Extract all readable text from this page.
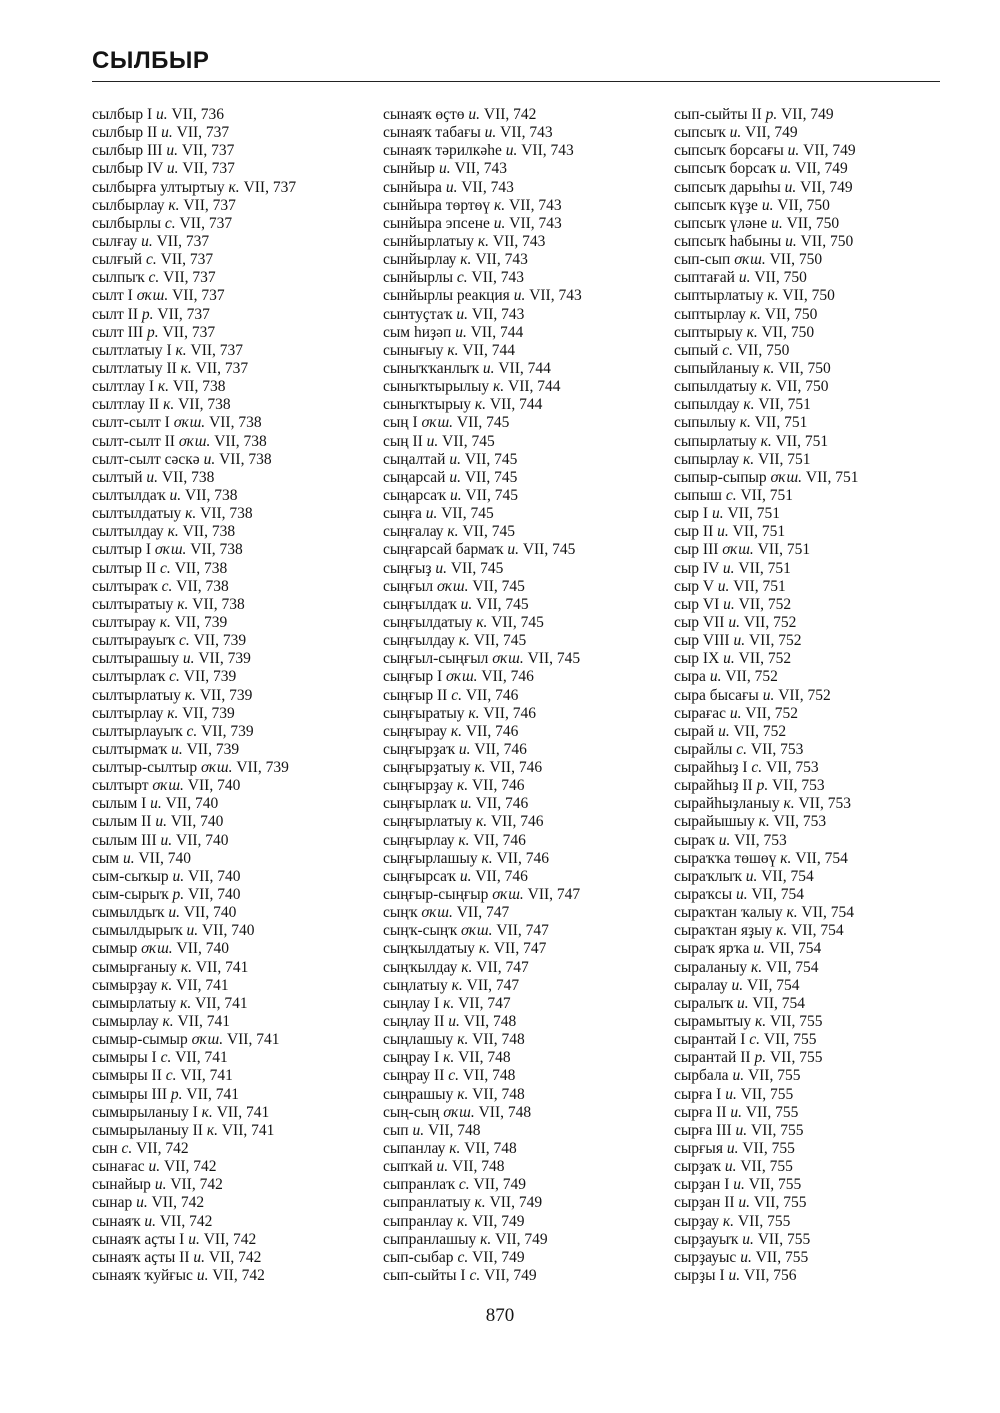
СЫЛБЫР
сылбыр I и. VII, 736
сылбыр II и. VII, 737
сылбыр III и. VII, 737
сылбыр IV и. VII, 737
сылбырға ултыртыу к. VII, 737
сылбырлау к. VII, 737
сылбырлы с. VII, 737
сылғау и. VII, 737
сылғый с. VII, 737
сылпыҡ с. VII, 737
сылт I оҡш. VII, 737
сылт II р. VII, 737
сылт III р. VII, 737
сылтлатыу I к. VII, 737
сылтлатыу II к. VII, 737
сылтлау I к. VII, 738
сылтлау II к. VII, 738
сылт-сылт I оҡш. VII, 738
сылт-сылт II оҡш. VII, 738
сылт-сылт сәскә и. VII, 738
сылтый и. VII, 738
сылтылдаҡ и. VII, 738
сылтылдатыу к. VII, 738
сылтылдау к. VII, 738
сылтыр I оҡш. VII, 738
сылтыр II с. VII, 738
сылтыраҡ с. VII, 738
сылтыратыу к. VII, 738
сылтырау к. VII, 739
сылтырауыҡ с. VII, 739
сылтырашыу и. VII, 739
сылтырлаҡ с. VII, 739
сылтырлатыу к. VII, 739
сылтырлау к. VII, 739
сылтырлауыҡ с. VII, 739
сылтырмаҡ и. VII, 739
сылтыр-сылтыр оҡш. VII, 739
сылтырт оҡш. VII, 740
сылым I и. VII, 740
сылым II и. VII, 740
сылым III и. VII, 740
сым и. VII, 740
сым-сыҡыр и. VII, 740
сым-сырыҡ р. VII, 740
сымылдыҡ и. VII, 740
сымылдырыҡ и. VII, 740
сымыр оҡш. VII, 740
сымырғаныу к. VII, 741
сымырҙау к. VII, 741
сымырлатыу к. VII, 741
сымырлау к. VII, 741
сымыр-сымыр оҡш. VII, 741
сымыры I с. VII, 741
сымыры II с. VII, 741
сымыры III р. VII, 741
сымырыланыу I к. VII, 741
сымырыланыу II к. VII, 741
сын с. VII, 742
сынағас и. VII, 742
сынайыр и. VII, 742
сынар и. VII, 742
сынаяҡ и. VII, 742
сынаяҡ аҫты I и. VII, 742
сынаяҡ аҫты II и. VII, 742
сынаяҡ ҡуйғыс и. VII, 742
сынаяҡ өҫтө и. VII, 742
сынаяҡ табағы и. VII, 743
сынаяҡ тәрилкәһе и. VII, 743
сынйыр и. VII, 743
сынйыра и. VII, 743
сынйыра төртөү к. VII, 743
сынйыра эпсене и. VII, 743
сынйырлатыу к. VII, 743
сынйырлау к. VII, 743
сынйырлы с. VII, 743
сынйырлы реакция и. VII, 743
сынтуҫтаҡ и. VII, 743
сым һиҙәп и. VII, 744
сынығыу к. VII, 744
сыныҡҡанлыҡ и. VII, 744
сыныҡтырылыу к. VII, 744
сыныҡтырыу к. VII, 744
сың I оҡш. VII, 745
сың II и. VII, 745
сыңалтай и. VII, 745
сыңарсай и. VII, 745
сыңарсаҡ и. VII, 745
сыңға и. VII, 745
сыңғалау к. VII, 745
сыңғарсай бармаҡ и. VII, 745
сыңғыҙ и. VII, 745
сыңғыл оҡш. VII, 745
сыңғылдаҡ и. VII, 745
сыңғылдатыу к. VII, 745
сыңғылдау к. VII, 745
сыңғыл-сыңғыл оҡш. VII, 745
сыңғыр I оҡш. VII, 746
сыңғыр II с. VII, 746
сыңғыратыу к. VII, 746
сыңғырау к. VII, 746
сыңғырҙаҡ и. VII, 746
сыңғырҙатыу к. VII, 746
сыңғырҙау к. VII, 746
сыңғырлаҡ и. VII, 746
сыңғырлатыу к. VII, 746
сыңғырлау к. VII, 746
сыңғырлашыу к. VII, 746
сыңғырсаҡ и. VII, 746
сыңғыр-сыңғыр оҡш. VII, 747
сыңҡ оҡш. VII, 747
сыңҡ-сыңҡ оҡш. VII, 747
сыңҡылдатыу к. VII, 747
сыңҡылдау к. VII, 747
сыңлатыу к. VII, 747
сыңлау I к. VII, 747
сыңлау II и. VII, 748
сыңлашыу к. VII, 748
сыңрау I к. VII, 748
сыңрау II с. VII, 748
сыңрашыу к. VII, 748
сың-сың оҡш. VII, 748
сып и. VII, 748
сыпанлау к. VII, 748
сыпҡай и. VII, 748
сыпранлаҡ с. VII, 749
сыпранлатыу к. VII, 749
сыпранлау к. VII, 749
сыпранлашыу к. VII, 749
сып-сыбар с. VII, 749
сып-сыйты I с. VII, 749
сып-сыйты II р. VII, 749
сыпсыҡ и. VII, 749
сыпсыҡ борсағы и. VII, 749
сыпсыҡ борсаҡ и. VII, 749
сыпсыҡ дарыһы и. VII, 749
сыпсыҡ күҙе и. VII, 750
сыпсыҡ үләне и. VII, 750
сыпсыҡ һабыны и. VII, 750
сып-сып оҡш. VII, 750
сыптағай и. VII, 750
сыптырлатыу к. VII, 750
сыптырлау к. VII, 750
сыптырыу к. VII, 750
сыпый с. VII, 750
сыпыйланыу к. VII, 750
сыпылдатыу к. VII, 750
сыпылдау к. VII, 751
сыпылыу к. VII, 751
сыпырлатыу к. VII, 751
сыпырлау к. VII, 751
сыпыр-сыпыр оҡш. VII, 751
сыпыш с. VII, 751
сыр I и. VII, 751
сыр II и. VII, 751
сыр III оҡш. VII, 751
сыр IV и. VII, 751
сыр V и. VII, 751
сыр VI и. VII, 752
сыр VII и. VII, 752
сыр VIII и. VII, 752
сыр IX и. VII, 752
сыра и. VII, 752
сыра бысағы и. VII, 752
сырағас и. VII, 752
сырай и. VII, 752
сырайлы с. VII, 753
сырайһыҙ I с. VII, 753
сырайһыҙ II р. VII, 753
сырайһыҙланыу к. VII, 753
сырайышыу к. VII, 753
сыраҡ и. VII, 753
сыраҡҡа төшөү к. VII, 754
сыраҡлыҡ и. VII, 754
сыраҡсы и. VII, 754
сыраҡтан ҡалыу к. VII, 754
сыраҡтан яҙыу к. VII, 754
сыраҡ ярҡа и. VII, 754
сыраланыу к. VII, 754
сыралау и. VII, 754
сыралыҡ и. VII, 754
сырамытыу к. VII, 755
сырантай I с. VII, 755
сырантай II р. VII, 755
сырбала и. VII, 755
сырға I и. VII, 755
сырға II и. VII, 755
сырға III и. VII, 755
сырғыя и. VII, 755
сырҙаҡ и. VII, 755
сырҙан I и. VII, 755
сырҙан II и. VII, 755
сырҙау к. VII, 755
сырҙауыҡ и. VII, 755
сырҙауыс и. VII, 755
сырҙы I и. VII, 756
870
